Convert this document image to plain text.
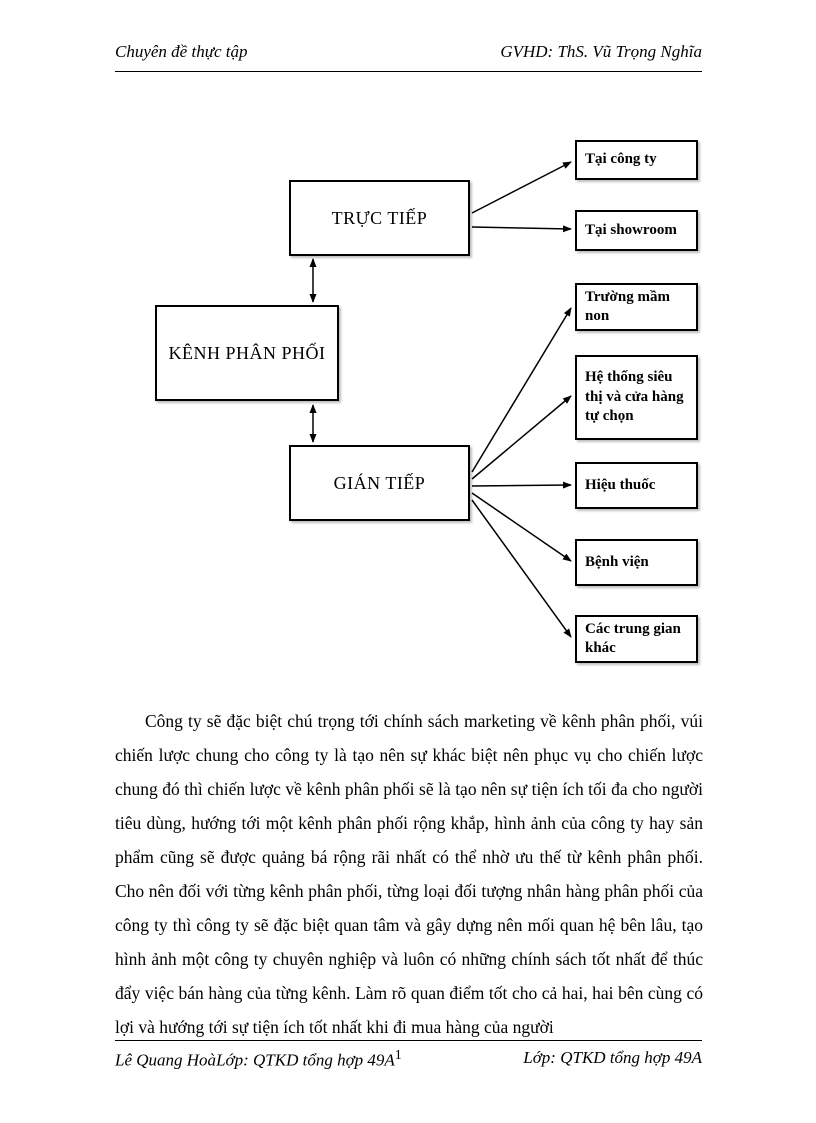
Chuyên đề thực tập	GVHD: ThS. Vũ Trọng Nghĩa
KÊNH PHÂN PHỐI
TRỰC TIẾP
GIÁN TIẾP
Tại công ty
Tại showroom
Trường mầm non
Hệ thống siêu thị và cửa hàng tự chọn
Hiệu thuốc
Bệnh viện
Các trung gian khác

Công ty sẽ đặc biệt chú trọng tới chính sách marketing về kênh phân phối, vúi chiến lược chung cho công ty là tạo nên sự khác biệt nên phục vụ cho chiến lược chung đó thì chiến lược về kênh phân phối sẽ là tạo nên sự tiện ích tối đa cho người tiêu dùng, hướng tới một kênh phân phối rộng khắp, hình ảnh của công ty hay sản phẩm cũng sẽ được quảng bá rộng rãi nhất có thể nhờ ưu thế từ kênh phân phối. Cho nên đối với từng kênh phân phối, từng loại đối tượng nhân hàng phân phối của công ty thì công ty sẽ đặc biệt quan tâm và gây dựng nên mối quan hệ bên lâu, tạo hình ảnh một công ty chuyên nghiệp và luôn có những chính sách tốt nhất để thúc đẩy việc bán hàng của từng kênh. Làm rõ quan điểm tốt cho cả hai, hai bên cùng có lợi và hướng tới sự tiện ích tốt nhất khi đi mua hàng của người

Lê Quang HoàLớp: QTKD tổng hợp $49A^1$	Lớp: QTKD tổng hợp 49A
